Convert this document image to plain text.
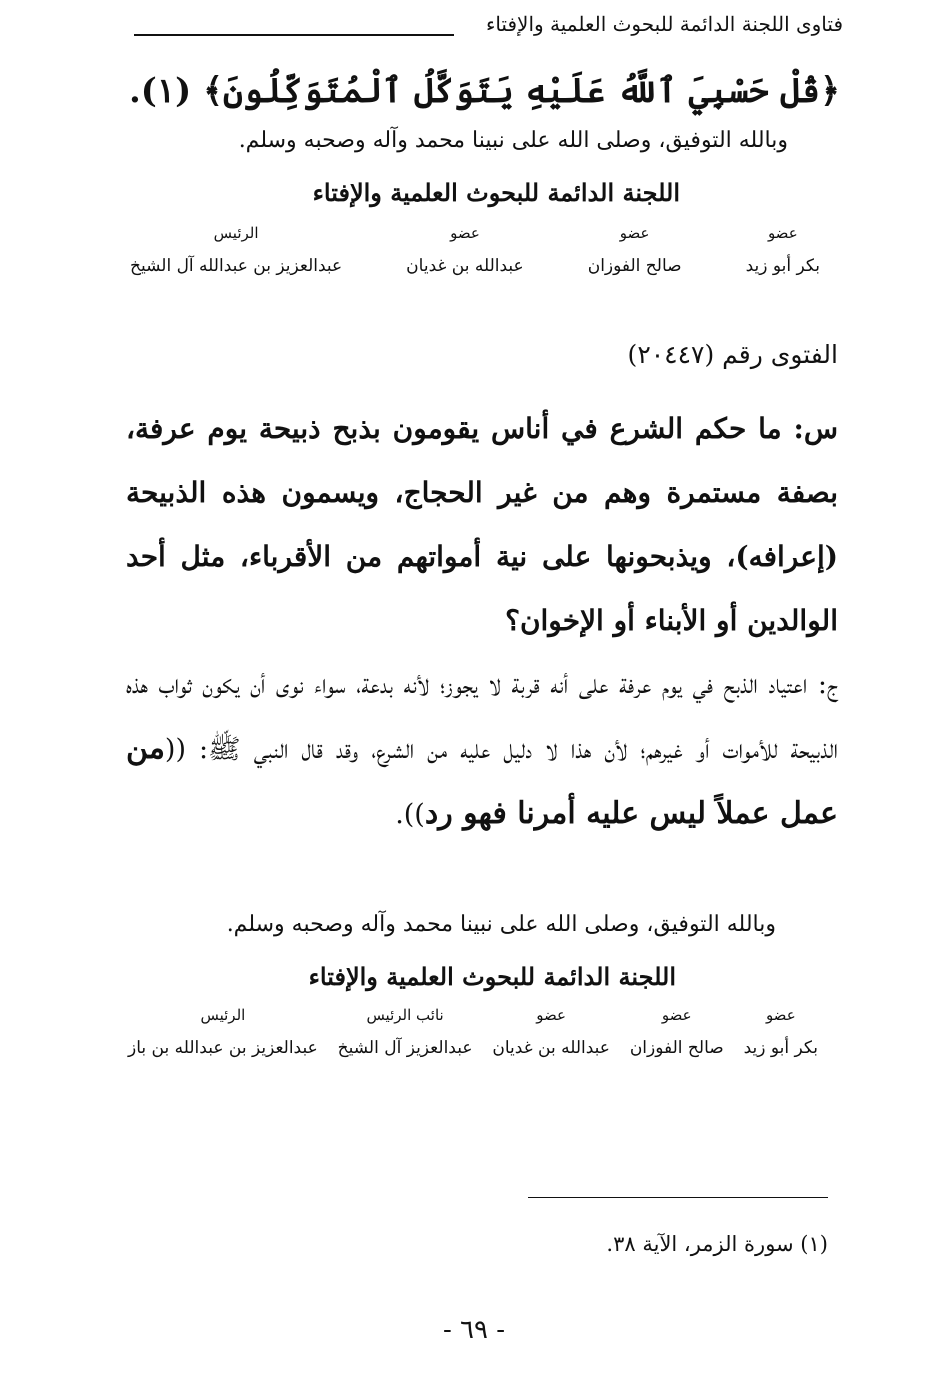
فتاوى اللجنة الدائمة للبحوث العلمية والإفتاء
﴿قُلْ حَسْبِيَ ٱللَّهُ عَلَيْهِ يَتَوَكَّلُ ٱلْمُتَوَكِّلُونَ﴾ (١).
وبالله التوفيق، وصلى الله على نبينا محمد وآله وصحبه وسلم.
اللجنة الدائمة للبحوث العلمية والإفتاء
عضو
بكر أبو زيد
عضو
صالح الفوزان
عضو
عبدالله بن غديان
الرئيس
عبدالعزيز بن عبدالله آل الشيخ
الفتوى رقم (٢٠٤٤٧)
س: ما حكم الشرع في أناس يقومون بذبح ذبيحة يوم عرفة، بصفة مستمرة وهم من غير الحجاج، ويسمون هذه الذبيحة (إعرافه)، ويذبحونها على نية أمواتهم من الأقرباء، مثل أحد الوالدين أو الأبناء أو الإخوان؟
ج: اعتياد الذبح في يوم عرفة على أنه قربة لا يجوز؛ لأنه بدعة، سواء نوى أن يكون ثواب هذه الذبيحة للأموات أو غيرهم؛ لأن هذا لا دليل عليه من الشرع، وقد قال النبي ﷺ: ((من عمل عملاً ليس عليه أمرنا فهو رد)).
وبالله التوفيق، وصلى الله على نبينا محمد وآله وصحبه وسلم.
اللجنة الدائمة للبحوث العلمية والإفتاء
عضو
بكر أبو زيد
عضو
صالح الفوزان
عضو
عبدالله بن غديان
نائب الرئيس
عبدالعزيز آل الشيخ
الرئيس
عبدالعزيز بن عبدالله بن باز
(١) سورة الزمر، الآية ٣٨.
- ٦٩ -
